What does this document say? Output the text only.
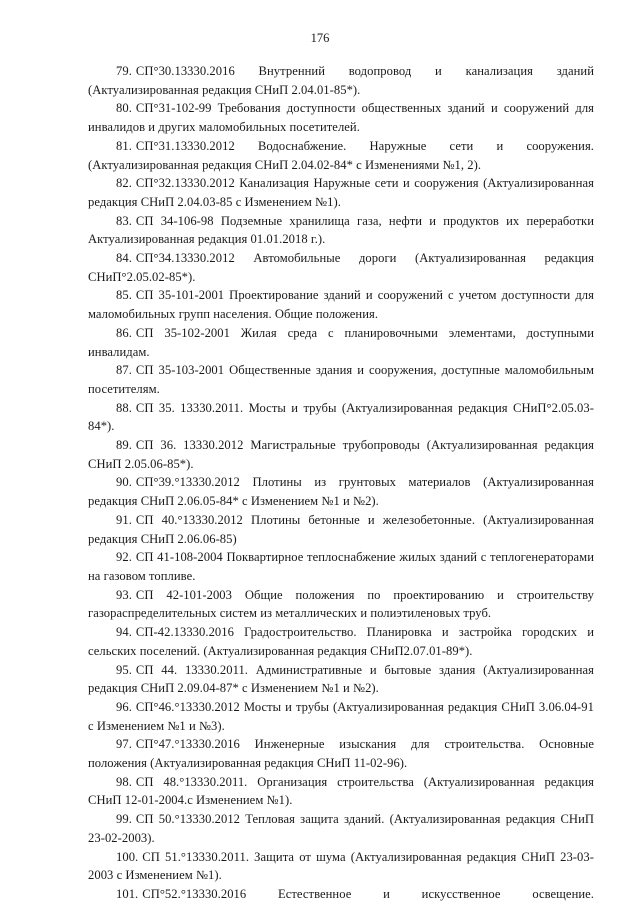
176

79. СП°30.13330.2016 Внутренний водопровод и канализация зданий (Актуализированная редакция СНиП 2.04.01-85*).

80. СП°31-102-99 Требования доступности общественных зданий и сооружений для инвалидов и других маломобильных посетителей.

81. СП°31.13330.2012 Водоснабжение. Наружные сети и сооружения. (Актуализированная редакция СНиП 2.04.02-84* с Изменениями №1, 2).

82. СП°32.13330.2012 Канализация Наружные сети и сооружения (Актуализированная редакция СНиП 2.04.03-85 с Изменением №1).

83. СП 34-106-98 Подземные хранилища газа, нефти и продуктов их переработки Актуализированная редакция 01.01.2018 г.).

84. СП°34.13330.2012 Автомобильные дороги (Актуализированная редакция СНиП°2.05.02-85*).

85. СП 35-101-2001 Проектирование зданий и сооружений с учетом доступности для маломобильных групп населения. Общие положения.

86. СП 35-102-2001 Жилая среда с планировочными элементами, доступными инвалидам.

87. СП 35-103-2001 Общественные здания и сооружения, доступные маломобильным посетителям.

88. СП 35. 13330.2011. Мосты и трубы (Актуализированная редакция СНиП°2.05.03-84*).

89. СП 36. 13330.2012 Магистральные трубопроводы (Актуализированная редакция СНиП 2.05.06-85*).

90. СП°39.°13330.2012 Плотины из грунтовых материалов (Актуализированная редакция СНиП 2.06.05-84* с Изменением №1 и №2).

91. СП 40.°13330.2012 Плотины бетонные и железобетонные. (Актуализированная редакция СНиП 2.06.06-85)

92. СП 41-108-2004 Поквартирное теплоснабжение жилых зданий с теплогенераторами на газовом топливе.

93. СП 42-101-2003 Общие положения по проектированию и строительству газораспределительных систем из металлических и полиэтиленовых труб.

94. СП-42.13330.2016 Градостроительство. Планировка и застройка городских и сельских поселений. (Актуализированная редакция СНиП2.07.01-89*).

95. СП 44. 13330.2011. Административные и бытовые здания (Актуализированная редакция СНиП 2.09.04-87* с Изменением №1 и №2).

96. СП°46.°13330.2012 Мосты и трубы (Актуализированная редакция СНиП 3.06.04-91 с Изменением №1 и №3).

97. СП°47.°13330.2016 Инженерные изыскания для строительства. Основные положения (Актуализированная редакция СНиП 11-02-96).

98. СП 48.°13330.2011. Организация строительства (Актуализированная редакция СНиП 12-01-2004.с Изменением №1).

99. СП 50.°13330.2012 Тепловая защита зданий. (Актуализированная редакция СНиП 23-02-2003).

100. СП 51.°13330.2011. Защита от шума (Актуализированная редакция СНиП 23-03-2003 с Изменением №1).

101. СП°52.°13330.2016 Естественное и искусственное освещение.
